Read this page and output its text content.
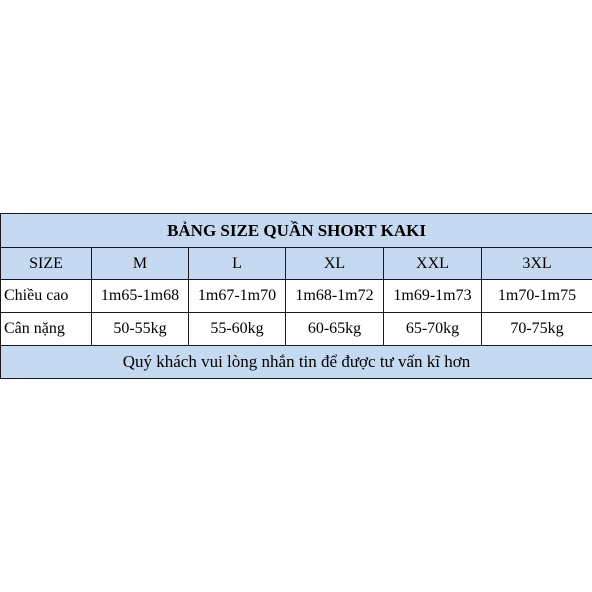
BẢNG SIZE QUẦN SHORT KAKI					
SIZE	M	L	XL	XXL	3XL
Chiều cao	1m65-1m68	1m67-1m70	1m68-1m72	1m69-1m73	1m70-1m75
Cân nặng	50-55kg	55-60kg	60-65kg	65-70kg	70-75kg
Quý khách vui lòng nhắn tin để được tư vấn kĩ hơn					
